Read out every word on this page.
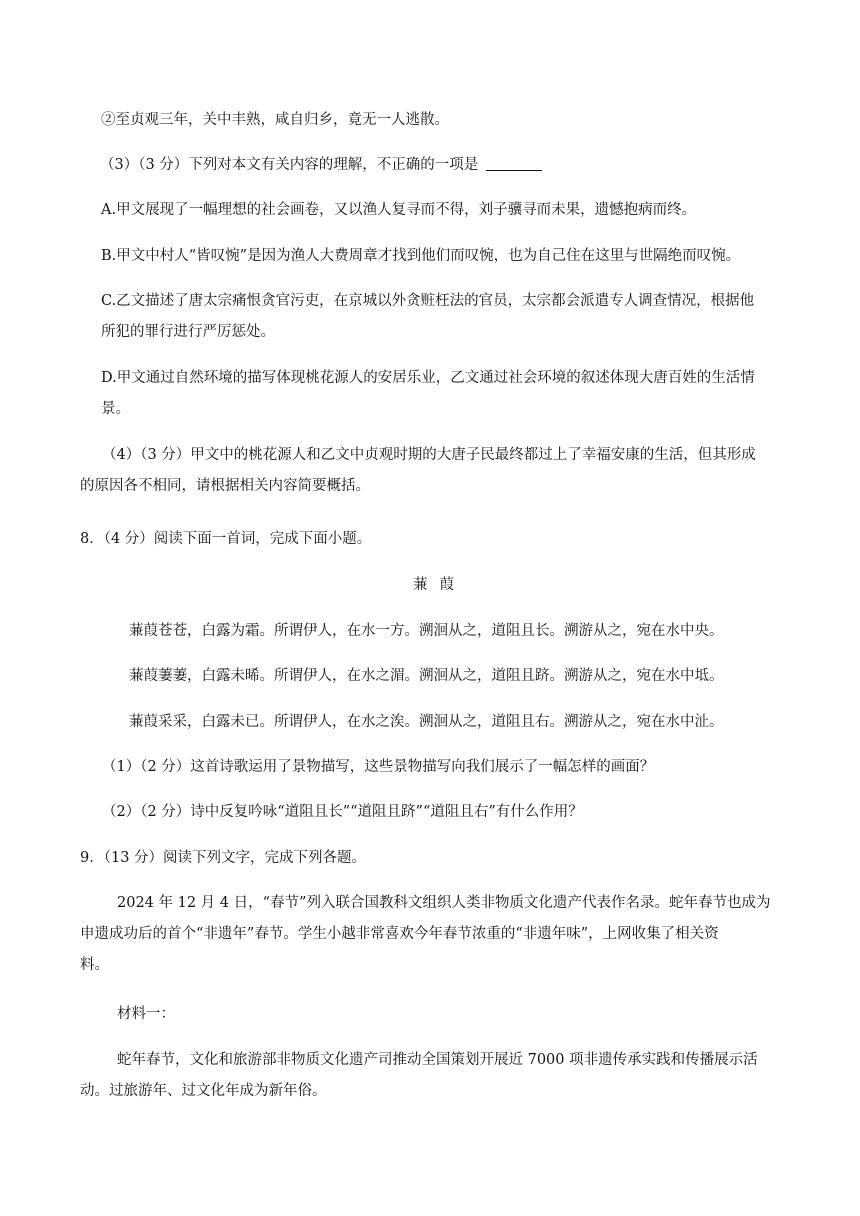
②至贞观三年，关中丰熟，咸自归乡，竟无一人逃散。
（3）（3 分）下列对本文有关内容的理解，不正确的一项是
A.甲文展现了一幅理想的社会画卷，又以渔人复寻而不得，刘子骥寻而未果，遗憾抱病而终。
B.甲文中村人“皆叹惋”是因为渔人大费周章才找到他们而叹惋，也为自己住在这里与世隔绝而叹惋。
C.乙文描述了唐太宗痛恨贪官污吏，在京城以外贪赃枉法的官员，太宗都会派遣专人调查情况，根据他
所犯的罪行进行严厉惩处。
D.甲文通过自然环境的描写体现桃花源人的安居乐业，乙文通过社会环境的叙述体现大唐百姓的生活情
景。
（4）（3 分）甲文中的桃花源人和乙文中贞观时期的大唐子民最终都过上了幸福安康的生活，但其形成
的原因各不相同，请根据相关内容简要概括。
8．（4 分）阅读下面一首词，完成下面小题。
蒹葭
蒹葭苍苍，白露为霜。所谓伊人，在水一方。溯洄从之，道阻且长。溯游从之，宛在水中央。
蒹葭萋萋，白露未晞。所谓伊人，在水之湄。溯洄从之，道阻且跻。溯游从之，宛在水中坻。
蒹葭采采，白露未已。所谓伊人，在水之涘。溯洄从之，道阻且右。溯游从之，宛在水中沚。
（1）（2 分）这首诗歌运用了景物描写，这些景物描写向我们展示了一幅怎样的画面？
（2）（2 分）诗中反复吟咏“道阻且长”“道阻且跻”“道阻且右”有什么作用？
9．（13 分）阅读下列文字，完成下列各题。
2024 年 12 月 4 日，“春节”列入联合国教科文组织人类非物质文化遗产代表作名录。蛇年春节也成为
申遗成功后的首个“非遗年”春节。学生小越非常喜欢今年春节浓重的“非遗年味”，上网收集了相关资
料。
材料一：
蛇年春节，文化和旅游部非物质文化遗产司推动全国策划开展近 7000 项非遗传承实践和传播展示活
动。过旅游年、过文化年成为新年俗。
